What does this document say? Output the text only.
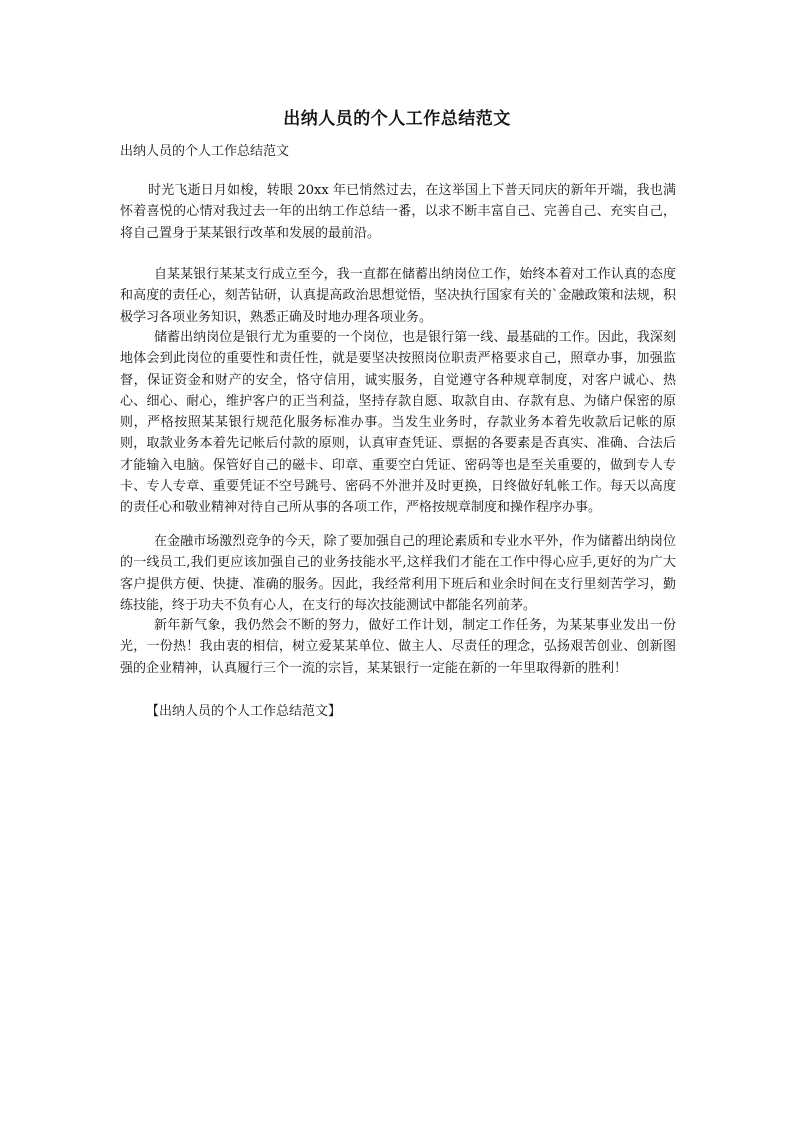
出纳人员的个人工作总结范文

出纳人员的个人工作总结范文

时光飞逝日月如梭，转眼 20xx 年已悄然过去，在这举国上下普天同庆的新年开端，我也满怀着喜悦的心情对我过去一年的出纳工作总结一番，以求不断丰富自己、完善自己、充实自己，将自己置身于某某银行改革和发展的最前沿。

自某某银行某某支行成立至今，我一直都在储蓄出纳岗位工作，始终本着对工作认真的态度和高度的责任心，刻苦钻研，认真提高政治思想觉悟，坚决执行国家有关的`金融政策和法规，积极学习各项业务知识，熟悉正确及时地办理各项业务。

储蓄出纳岗位是银行尤为重要的一个岗位，也是银行第一线、最基础的工作。因此，我深刻地体会到此岗位的重要性和责任性，就是要坚决按照岗位职责严格要求自己，照章办事，加强监督，保证资金和财产的安全，恪守信用，诚实服务，自觉遵守各种规章制度，对客户诚心、热心、细心、耐心，维护客户的正当利益，坚持存款自愿、取款自由、存款有息、为储户保密的原则，严格按照某某银行规范化服务标准办事。当发生业务时，存款业务本着先收款后记帐的原则，取款业务本着先记帐后付款的原则，认真审查凭证、票据的各要素是否真实、准确、合法后才能输入电脑。保管好自己的磁卡、印章、重要空白凭证、密码等也是至关重要的，做到专人专卡、专人专章、重要凭证不空号跳号、密码不外泄并及时更换，日终做好轧帐工作。每天以高度的责任心和敬业精神对待自己所从事的各项工作，严格按规章制度和操作程序办事。

在金融市场激烈竞争的今天，除了要加强自己的理论素质和专业水平外，作为储蓄出纳岗位的一线员工,我们更应该加强自己的业务技能水平,这样我们才能在工作中得心应手,更好的为广大客户提供方便、快捷、准确的服务。因此，我经常利用下班后和业余时间在支行里刻苦学习，勤练技能，终于功夫不负有心人，在支行的每次技能测试中都能名列前茅。

新年新气象，我仍然会不断的努力，做好工作计划，制定工作任务，为某某事业发出一份光，一份热！我由衷的相信，树立爱某某单位、做主人、尽责任的理念，弘扬艰苦创业、创新图强的企业精神，认真履行三个一流的宗旨，某某银行一定能在新的一年里取得新的胜利！

【出纳人员的个人工作总结范文】
